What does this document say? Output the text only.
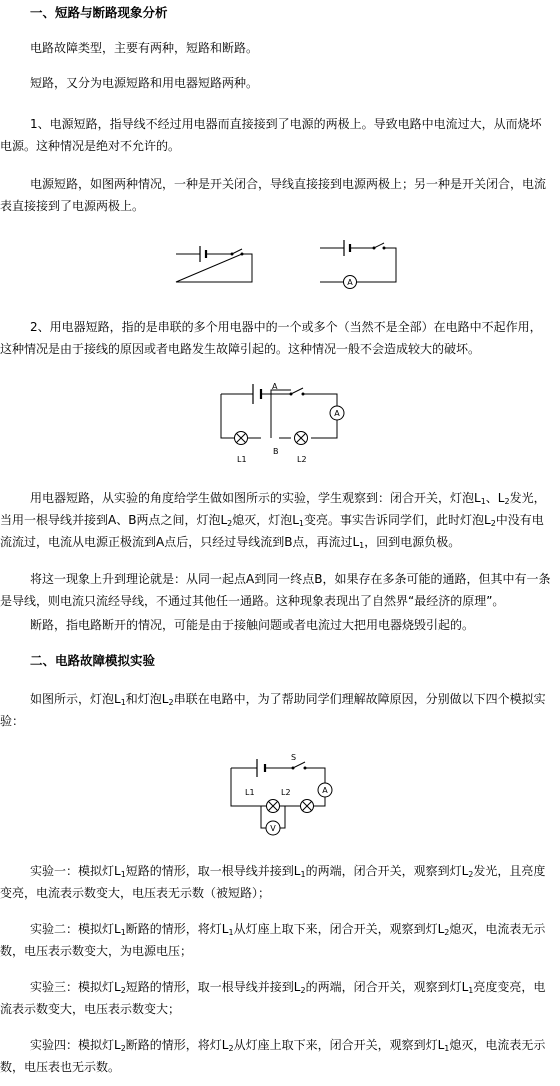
一、短路与断路现象分析
电路故障类型，主要有两种，短路和断路。
短路，又分为电源短路和用电器短路两种。
1、电源短路，指导线不经过用电器而直接接到了电源的两极上。导致电路中电流过大，从而烧坏
电源。这种情况是绝对不允许的。
电源短路，如图两种情况，一种是开关闭合，导线直接接到电源两极上；另一种是开关闭合，电流
表直接接到了电源两极上。
A
2、用电器短路，指的是串联的多个用电器中的一个或多个（当然不是全部）在电路中不起作用，
这种情况是由于接线的原因或者电路发生故障引起的。这种情况一般不会造成较大的破坏。
A
B
L1	L2
A
用电器短路，从实验的角度给学生做如图所示的实验，学生观察到：闭合开关，灯泡$L_1$、$L_2$发光，
当用一根导线并接到A、B两点之间，灯泡$L_2$熄灭，灯泡$L_1$变亮。事实告诉同学们，此时灯泡$L_2$中没有电
流流过，电流从电源正极流到A点后，只经过导线流到B点，再流过$L_1$，回到电源负极。
将这一现象上升到理论就是：从同一起点A到同一终点B，如果存在多条可能的通路，但其中有一条
是导线，则电流只流经导线，不通过其他任一通路。这种现象表现出了自然界“最经济的原理”。
断路，指电路断开的情况，可能是由于接触问题或者电流过大把用电器烧毁引起的。
二、电路故障模拟实验
如图所示，灯泡$L_1$和灯泡$L_2$串联在电路中，为了帮助同学们理解故障原因，分别做以下四个模拟实
验：
S
L1	L2	A
V
实验一：模拟灯$L_1$短路的情形，取一根导线并接到$L_1$的两端，闭合开关，观察到灯$L_2$发光，且亮度
变亮，电流表示数变大，电压表无示数（被短路）；
实验二：模拟灯$L_1$断路的情形，将灯$L_1$从灯座上取下来，闭合开关，观察到灯$L_2$熄灭，电流表无示
数，电压表示数变大，为电源电压；
实验三：模拟灯$L_2$短路的情形，取一根导线并接到$L_2$的两端，闭合开关，观察到灯$L_1$亮度变亮，电
流表示数变大，电压表示数变大；
实验四：模拟灯$L_2$断路的情形，将灯$L_2$从灯座上取下来，闭合开关，观察到灯$L_1$熄灭，电流表无示
数，电压表也无示数。
